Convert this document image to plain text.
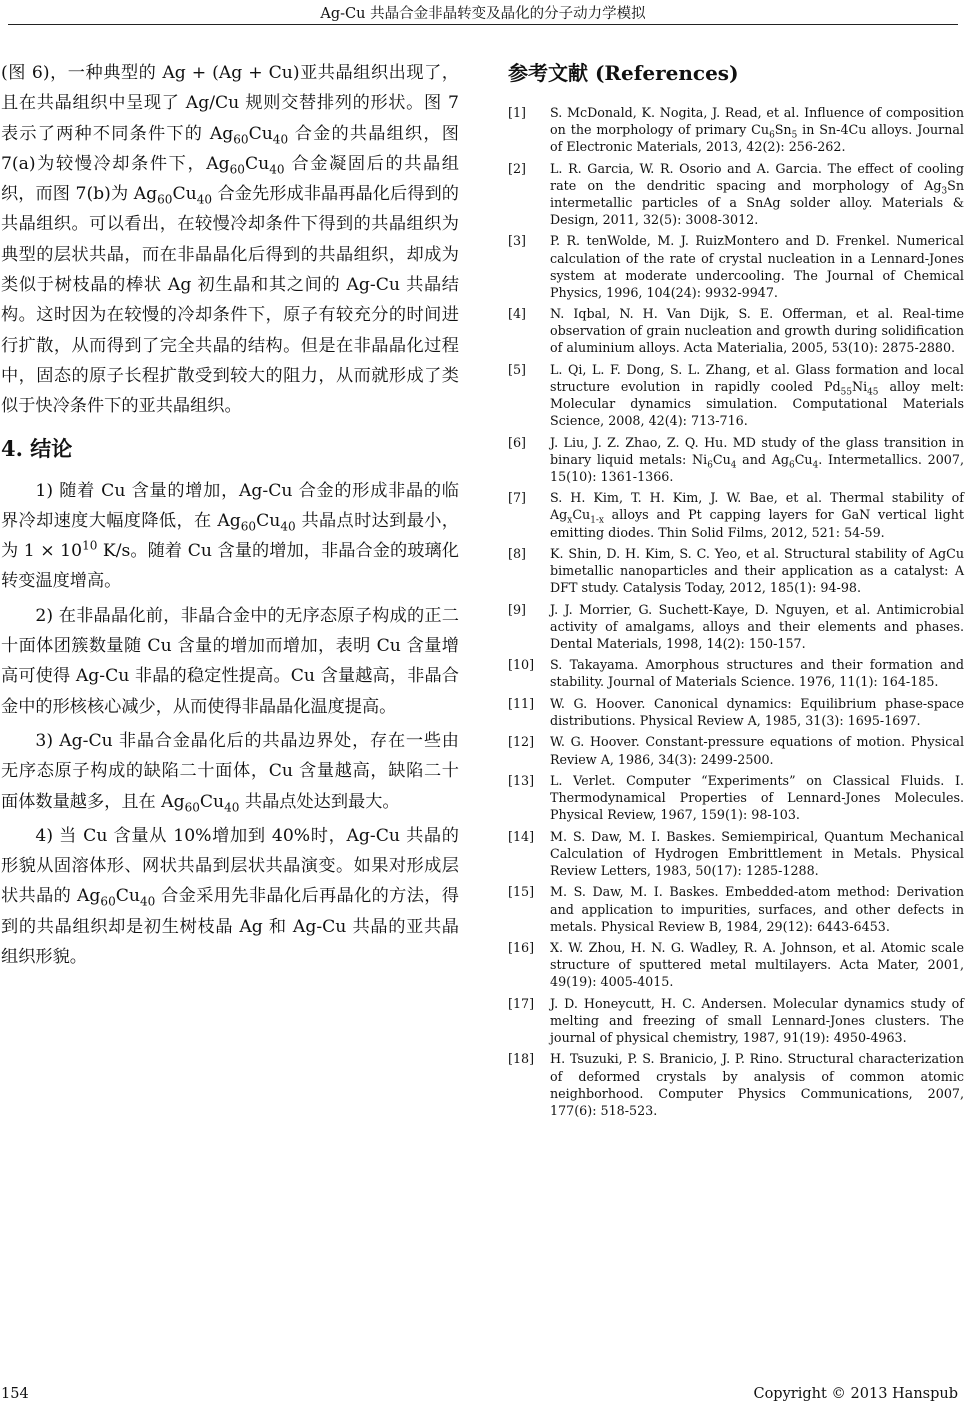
Ag-Cu 共晶合金非晶转变及晶化的分子动力学模拟

(图 6)，一种典型的 Ag + (Ag + Cu)亚共晶组织出现了，且在共晶组织中呈现了 Ag/Cu 规则交替排列的形状。图 7 表示了两种不同条件下的 $Ag_{60}Cu_{40}$ 合金的共晶组织，图 7(a)为较慢冷却条件下，$Ag_{60}Cu_{40}$ 合金凝固后的共晶组织，而图 7(b)为 $Ag_{60}Cu_{40}$ 合金先形成非晶再晶化后得到的共晶组织。可以看出，在较慢冷却条件下得到的共晶组织为典型的层状共晶，而在非晶晶化后得到的共晶组织，却成为类似于树枝晶的棒状 Ag 初生晶和其之间的 Ag-Cu 共晶结构。这时因为在较慢的冷却条件下，原子有较充分的时间进行扩散，从而得到了完全共晶的结构。但是在非晶晶化过程中，固态的原子长程扩散受到较大的阻力，从而就形成了类似于快冷条件下的亚共晶组织。

4. 结论

1) 随着 Cu 含量的增加，Ag-Cu 合金的形成非晶的临界冷却速度大幅度降低，在 $Ag_{60}Cu_{40}$ 共晶点时达到最小，为 $1 \times 10^{10}$ K/s。随着 Cu 含量的增加，非晶合金的玻璃化转变温度增高。

2) 在非晶晶化前，非晶合金中的无序态原子构成的正二十面体团簇数量随 Cu 含量的增加而增加，表明 Cu 含量增高可使得 Ag-Cu 非晶的稳定性提高。Cu 含量越高，非晶合金中的形核核心减少，从而使得非晶晶化温度提高。

3) Ag-Cu 非晶合金晶化后的共晶边界处，存在一些由无序态原子构成的缺陷二十面体，Cu 含量越高，缺陷二十面体数量越多，且在 $Ag_{60}Cu_{40}$ 共晶点处达到最大。

4) 当 Cu 含量从 10%增加到 40%时，Ag-Cu 共晶的形貌从固溶体形、网状共晶到层状共晶演变。如果对形成层状共晶的 $Ag_{60}Cu_{40}$ 合金采用先非晶化后再晶化的方法，得到的共晶组织却是初生树枝晶 Ag 和 Ag-Cu 共晶的亚共晶组织形貌。

参考文献 (References)
[1]	S. McDonald, K. Nogita, J. Read, et al. Influence of composition on the morphology of primary $Cu_6Sn_5$ in Sn-4Cu alloys. Journal of Electronic Materials, 2013, 42(2): 256-262.
[2]	L. R. Garcia, W. R. Osorio and A. Garcia. The effect of cooling rate on the dendritic spacing and morphology of $Ag_3Sn$ intermetallic particles of a SnAg solder alloy. Materials & Design, 2011, 32(5): 3008-3012.
[3]	P. R. tenWolde, M. J. RuizMontero and D. Frenkel. Numerical calculation of the rate of crystal nucleation in a Lennard-Jones system at moderate undercooling. The Journal of Chemical Physics, 1996, 104(24): 9932-9947.
[4]	N. Iqbal, N. H. Van Dijk, S. E. Offerman, et al. Real-time observation of grain nucleation and growth during solidification of aluminium alloys. Acta Materialia, 2005, 53(10): 2875-2880.
[5]	L. Qi, L. F. Dong, S. L. Zhang, et al. Glass formation and local structure evolution in rapidly cooled $Pd_{55}Ni_{45}$ alloy melt: Molecular dynamics simulation. Computational Materials Science, 2008, 42(4): 713-716.
[6]	J. Liu, J. Z. Zhao, Z. Q. Hu. MD study of the glass transition in binary liquid metals: $Ni_6Cu_4$ and $Ag_6Cu_4$. Intermetallics. 2007, 15(10): 1361-1366.
[7]	S. H. Kim, T. H. Kim, J. W. Bae, et al. Thermal stability of $Ag_xCu_{1-x}$ alloys and Pt capping layers for GaN vertical light emitting diodes. Thin Solid Films, 2012, 521: 54-59.
[8]	K. Shin, D. H. Kim, S. C. Yeo, et al. Structural stability of AgCu bimetallic nanoparticles and their application as a catalyst: A DFT study. Catalysis Today, 2012, 185(1): 94-98.
[9]	J. J. Morrier, G. Suchett-Kaye, D. Nguyen, et al. Antimicrobial activity of amalgams, alloys and their elements and phases. Dental Materials, 1998, 14(2): 150-157.
[10]	S. Takayama. Amorphous structures and their formation and stability. Journal of Materials Science. 1976, 11(1): 164-185.
[11]	W. G. Hoover. Canonical dynamics: Equilibrium phase-space distributions. Physical Review A, 1985, 31(3): 1695-1697.
[12]	W. G. Hoover. Constant-pressure equations of motion. Physical Review A, 1986, 34(3): 2499-2500.
[13]	L. Verlet. Computer “Experiments” on Classical Fluids. I. Thermodynamical Properties of Lennard-Jones Molecules. Physical Review, 1967, 159(1): 98-103.
[14]	M. S. Daw, M. I. Baskes. Semiempirical, Quantum Mechanical Calculation of Hydrogen Embrittlement in Metals. Physical Review Letters, 1983, 50(17): 1285-1288.
[15]	M. S. Daw, M. I. Baskes. Embedded-atom method: Derivation and application to impurities, surfaces, and other defects in metals. Physical Review B, 1984, 29(12): 6443-6453.
[16]	X. W. Zhou, H. N. G. Wadley, R. A. Johnson, et al. Atomic scale structure of sputtered metal multilayers. Acta Mater, 2001, 49(19): 4005-4015.
[17]	J. D. Honeycutt, H. C. Andersen. Molecular dynamics study of melting and freezing of small Lennard-Jones clusters. The journal of physical chemistry, 1987, 91(19): 4950-4963.
[18]	H. Tsuzuki, P. S. Branicio, J. P. Rino. Structural characterization of deformed crystals by analysis of common atomic neighborhood. Computer Physics Communications, 2007, 177(6): 518-523.
154	Copyright © 2013 Hanspub
